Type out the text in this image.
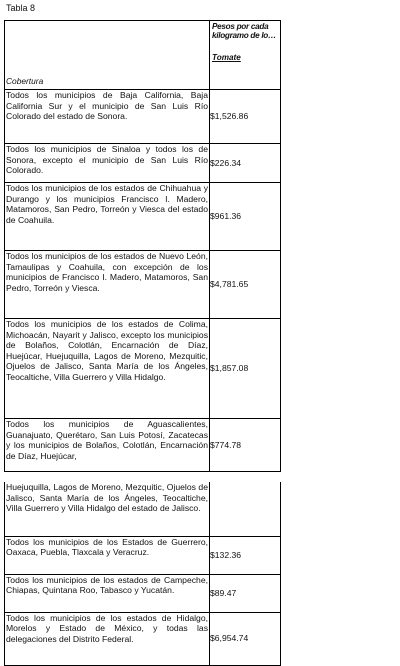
Tabla 8
Cobertura	Pesos por cada kilogramo de lo…
Tomate

Todos los municipios de Baja California, Baja California Sur y el municipio de San Luis Río Colorado del estado de Sonora.	$1,526.86
Todos los municipios de Sinaloa y todos los de Sonora, excepto el municipio de San Luis Río Colorado.	$226.34
Todos los municipios de los estados de Chihuahua y Durango y los municipios Francisco I. Madero, Matamoros, San Pedro, Torreón y Viesca del estado de Coahuila.	$961.36
Todos los municipios de los estados de Nuevo León, Tamaulipas y Coahuila, con excepción de los municipios de Francisco I. Madero, Matamoros, San Pedro, Torreón y Viesca.	$4,781.65
Todos los municipios de los estados de Colima, Michoacán, Nayarit y Jalisco, excepto los municipios de Bolaños, Colotlán, Encarnación de Díaz, Huejúcar, Huejuquilla, Lagos de Moreno, Mezquitic, Ojuelos de Jalisco, Santa María de los Ángeles, Teocaltiche, Villa Guerrero y Villa Hidalgo.	$1,857.08
Todos los municipios de Aguascalientes, Guanajuato, Querétaro, San Luis Potosí, Zacatecas y los municipios de Bolaños, Colotlán, Encarnación de Díaz, Huejúcar,	$774.78
Huejuquilla, Lagos de Moreno, Mezquitic, Ojuelos de Jalisco, Santa María de los Ángeles, Teocaltiche, Villa Guerrero y Villa Hidalgo del estado de Jalisco.	
Todos los municipios de los Estados de Guerrero, Oaxaca, Puebla, Tlaxcala y Veracruz.	$132.36
Todos los municipios de los estados de Campeche, Chiapas, Quintana Roo, Tabasco y Yucatán.	$89.47
Todos los municipios de los estados de Hidalgo, Morelos y Estado de México, y todas las delegaciones del Distrito Federal.	$6,954.74
